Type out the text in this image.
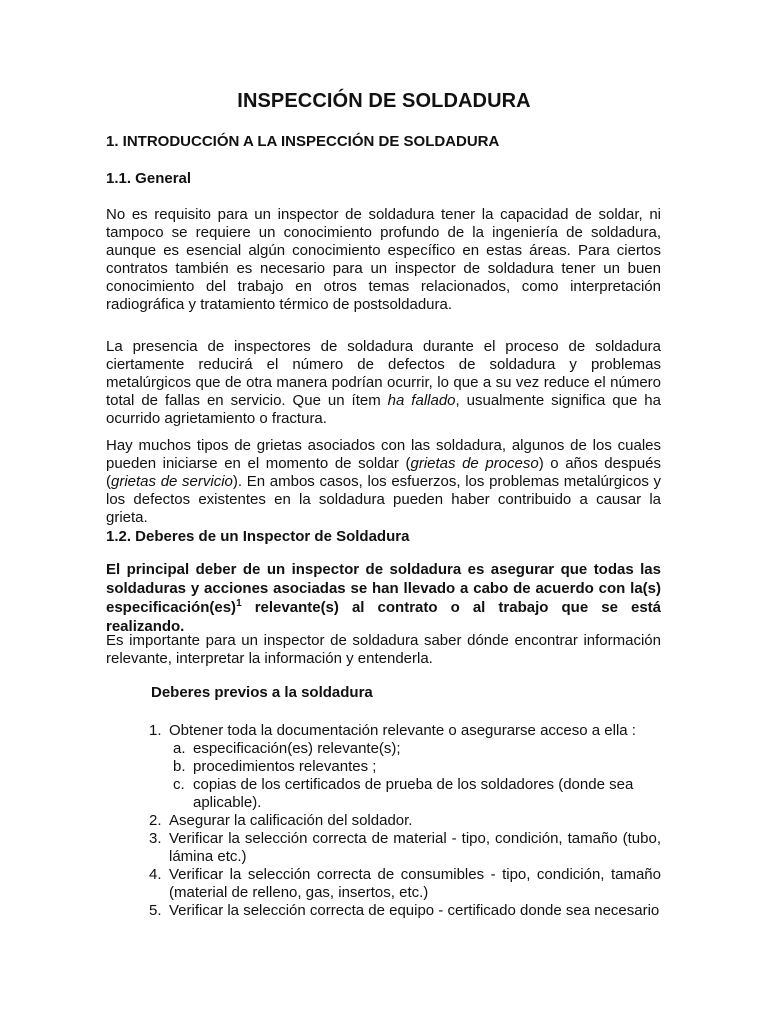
INSPECCIÓN DE SOLDADURA
1. INTRODUCCIÓN A LA INSPECCIÓN DE SOLDADURA
1.1. General
No es requisito para un inspector de soldadura tener la capacidad de soldar, ni tampoco se requiere un conocimiento profundo de la ingeniería de soldadura, aunque es esencial algún conocimiento específico en estas áreas. Para ciertos contratos también es necesario para un inspector de soldadura tener un buen conocimiento del trabajo en otros temas relacionados, como interpretación radiográfica y tratamiento térmico de postsoldadura.
La presencia de inspectores de soldadura durante el proceso de soldadura ciertamente reducirá el número de defectos de soldadura y problemas metalúrgicos que de otra manera podrían ocurrir, lo que a su vez reduce el número total de fallas en servicio. Que un ítem ha fallado, usualmente significa que ha ocurrido agrietamiento o fractura.
Hay muchos tipos de grietas asociados con las soldadura, algunos de los cuales pueden iniciarse en el momento de soldar (grietas de proceso) o años después (grietas de servicio). En ambos casos, los esfuerzos, los problemas metalúrgicos y los defectos existentes en la soldadura pueden haber contribuido a causar la grieta.
1.2. Deberes de un Inspector de Soldadura
El principal deber de un inspector de soldadura es asegurar que todas las soldaduras y acciones asociadas se han llevado a cabo de acuerdo con la(s) especificación(es)$^1$ relevante(s) al contrato o al trabajo que se está realizando.
Es importante para un inspector de soldadura saber dónde encontrar información relevante, interpretar la información y entenderla.
Deberes previos a la soldadura
1. Obtener toda la documentación relevante o asegurarse acceso a ella :
a. especificación(es) relevante(s);
b. procedimientos relevantes ;
c. copias de los certificados de prueba de los soldadores (donde sea aplicable).
2. Asegurar la calificación del soldador.
3. Verificar la selección correcta de material - tipo, condición, tamaño (tubo, lámina etc.)
4. Verificar la selección correcta de consumibles - tipo, condición, tamaño (material de relleno, gas, insertos, etc.)
5. Verificar la selección correcta de equipo - certificado donde sea necesario
